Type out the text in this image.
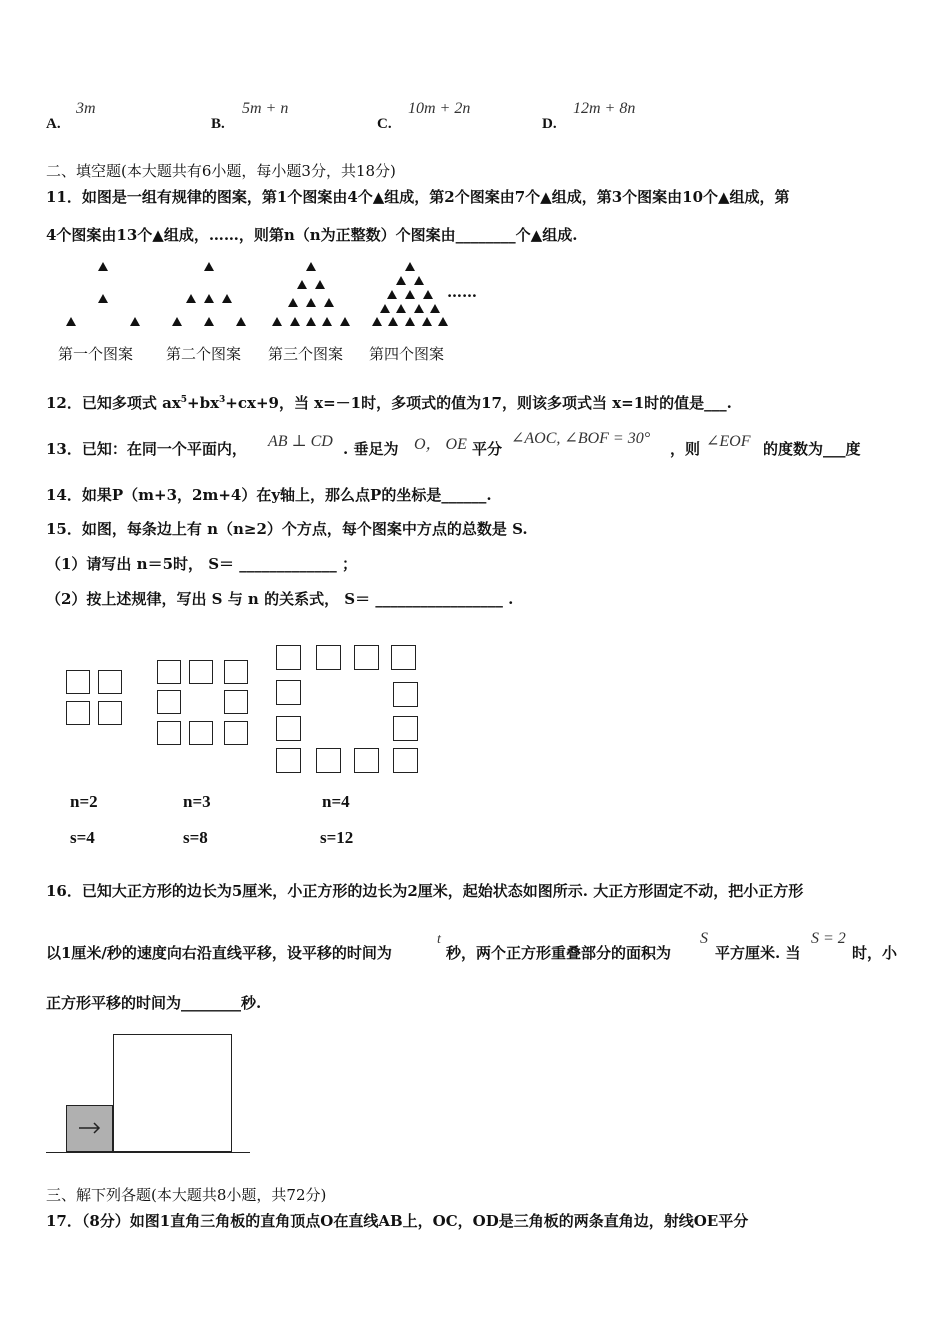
A.
3m
B.
5m + n
C.
10m + 2n
D.
12m + 8n
二、填空题(本大题共有6小题，每小题3分，共18分)
11．如图是一组有规律的图案，第1个图案由4个▲组成，第2个图案由7个▲组成，第3个图案由10个▲组成，第
4个图案由13个▲组成，……，则第n（n为正整数）个图案由________个▲组成.
……
第一个图案 第二个图案 第三个图案 第四个图案
12．已知多项式 $ax^5+bx^3+cx+9$，当 x=－1时，多项式的值为17，则该多项式当 x=1时的值是___.
13．已知：在同一个平面内， AB ⊥ CD . 垂足为 O， OE 平分
∠AOC, ∠BOF = 30°
，则 ∠EOF 的度数为___度
14．如果P（m+3，2m+4）在y轴上，那么点P的坐标是______.
15．如图，每条边上有 n（n≥2）个方点，每个图案中方点的总数是 S.
（1）请写出 n＝5时， S＝ _____________ ；
（2）按上述规律，写出 S 与 n 的关系式， S＝ _________________ .
n=2	n=3	n=4
s=4	s=8	s=12
16．已知大正方形的边长为5厘米，小正方形的边长为2厘米，起始状态如图所示. 大正方形固定不动，把小正方形
以1厘米/秒的速度向右沿直线平移，设平移的时间为
t
秒，两个正方形重叠部分的面积为
S
平方厘米. 当
S = 2
时，小
正方形平移的时间为________秒.
三、解下列各题(本大题共8小题，共72分)
17．（8分）如图1直角三角板的直角顶点O在直线AB上，OC，OD是三角板的两条直角边，射线OE平分
